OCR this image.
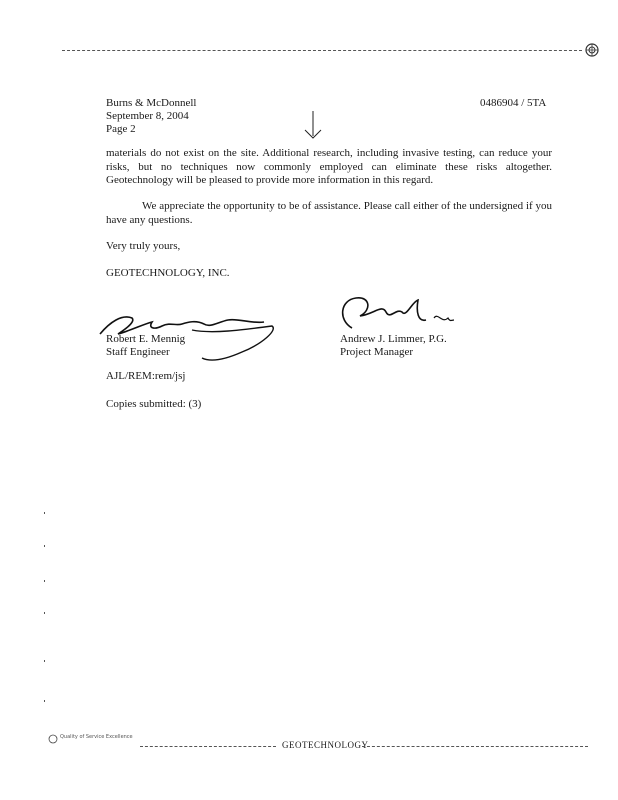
Burns & McDonnell
September 8, 2004
Page 2
0486904 / 5TA

materials do not exist on the site. Additional research, including invasive testing, can reduce your risks, but no techniques now commonly employed can eliminate these risks altogether. Geotechnology will be pleased to provide more information in this regard.

We appreciate the opportunity to be of assistance. Please call either of the undersigned if you have any questions.

Very truly yours,
GEOTECHNOLOGY, INC.
Robert E. Mennig
Staff Engineer
Andrew J. Limmer, P.G.
Project Manager
AJL/REM:rem/jsj
Copies submitted: (3)
Quality of Service Excellence
GEOTECHNOLOGY
